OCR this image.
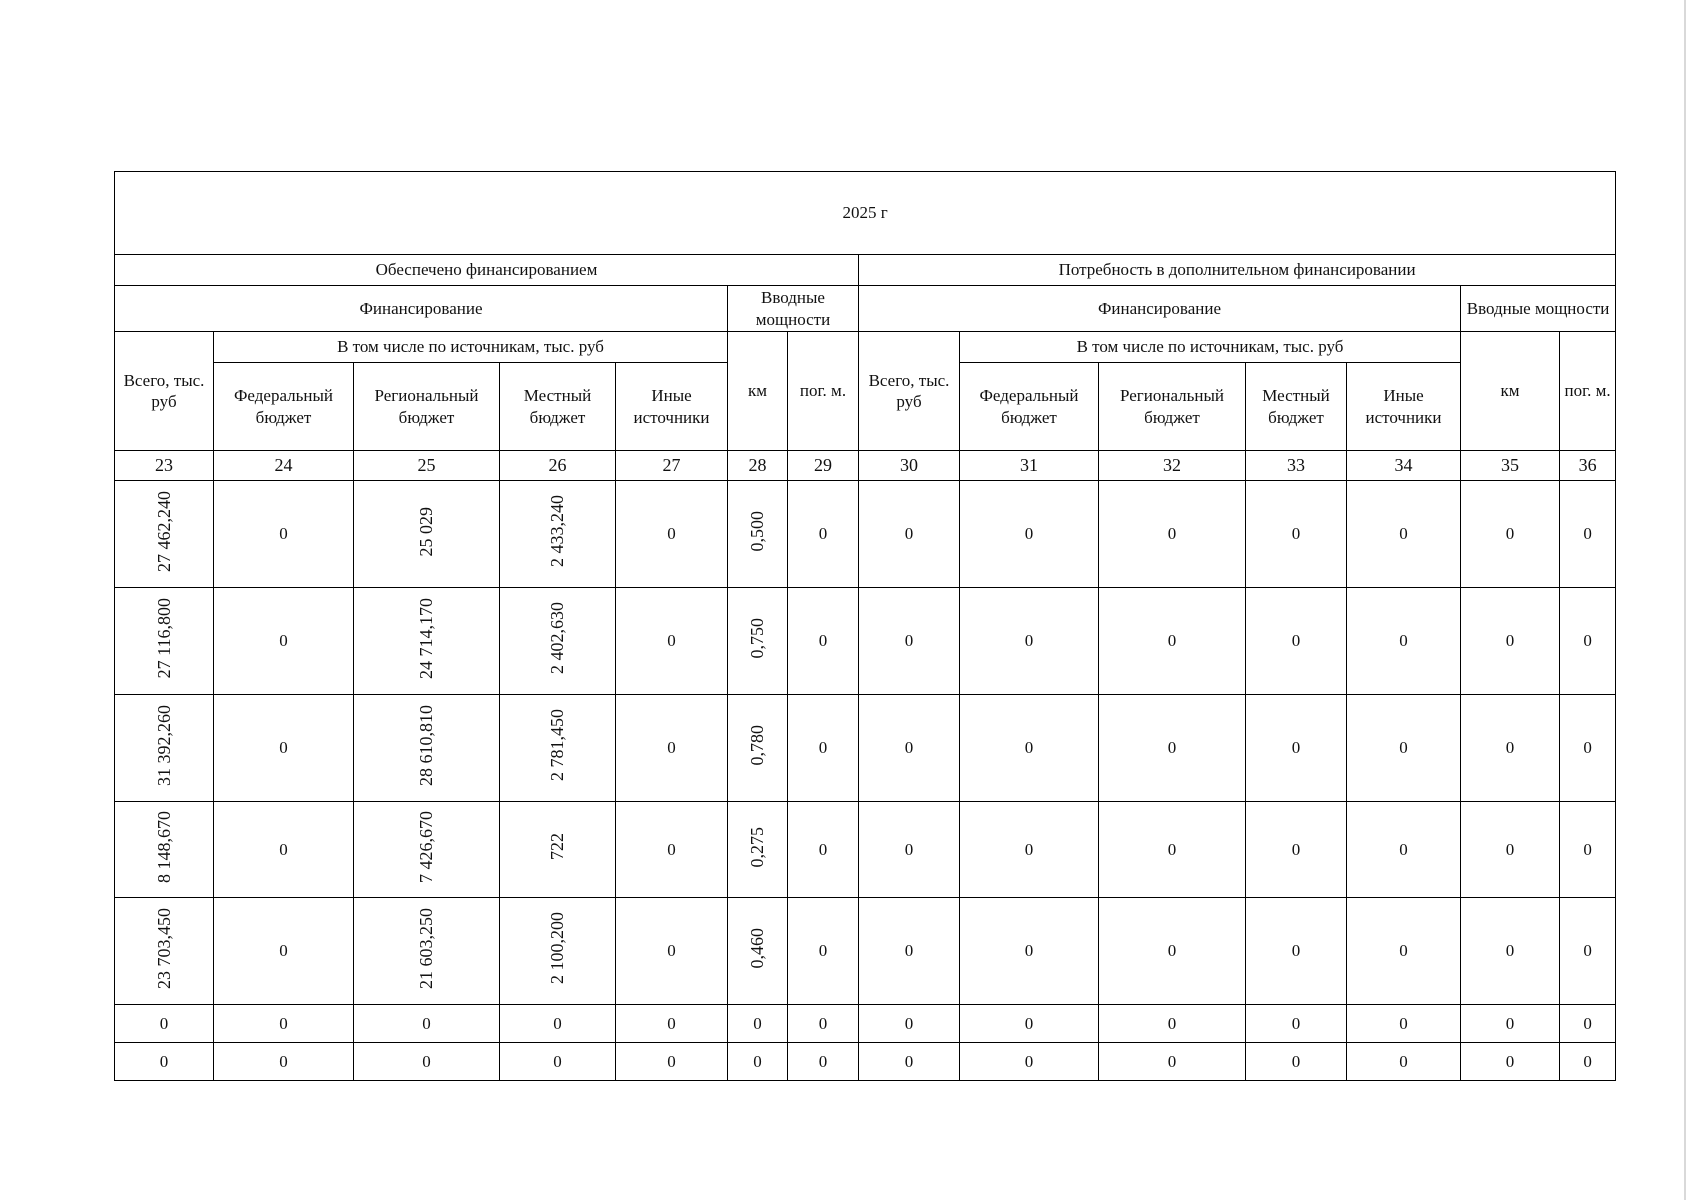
2025 г													
Обеспечено финансированием							Потребность в дополнительном финансировании						
Финансирование					Вводные мощности		Финансирование					Вводные мощности	
Всего, тыс. руб	В том числе по источникам, тыс. руб				км	пог. м.	Всего, тыс. руб	В том числе по источникам, тыс. руб				км	пог. м.
	Федеральный бюджет	Региональный бюджет	Местный бюджет	Иные источники				Федеральный бюджет	Региональный бюджет	Местный бюджет	Иные источники		
23	24	25	26	27	28	29	30	31	32	33	34	35	36
27 462,240	0	25 029	2 433,240	0	0,500	0	0	0	0	0	0	0	0
27 116,800	0	24 714,170	2 402,630	0	0,750	0	0	0	0	0	0	0	0
31 392,260	0	28 610,810	2 781,450	0	0,780	0	0	0	0	0	0	0	0
8 148,670	0	7 426,670	722	0	0,275	0	0	0	0	0	0	0	0
23 703,450	0	21 603,250	2 100,200	0	0,460	0	0	0	0	0	0	0	0
0	0	0	0	0	0	0	0	0	0	0	0	0	0
0	0	0	0	0	0	0	0	0	0	0	0	0	0
